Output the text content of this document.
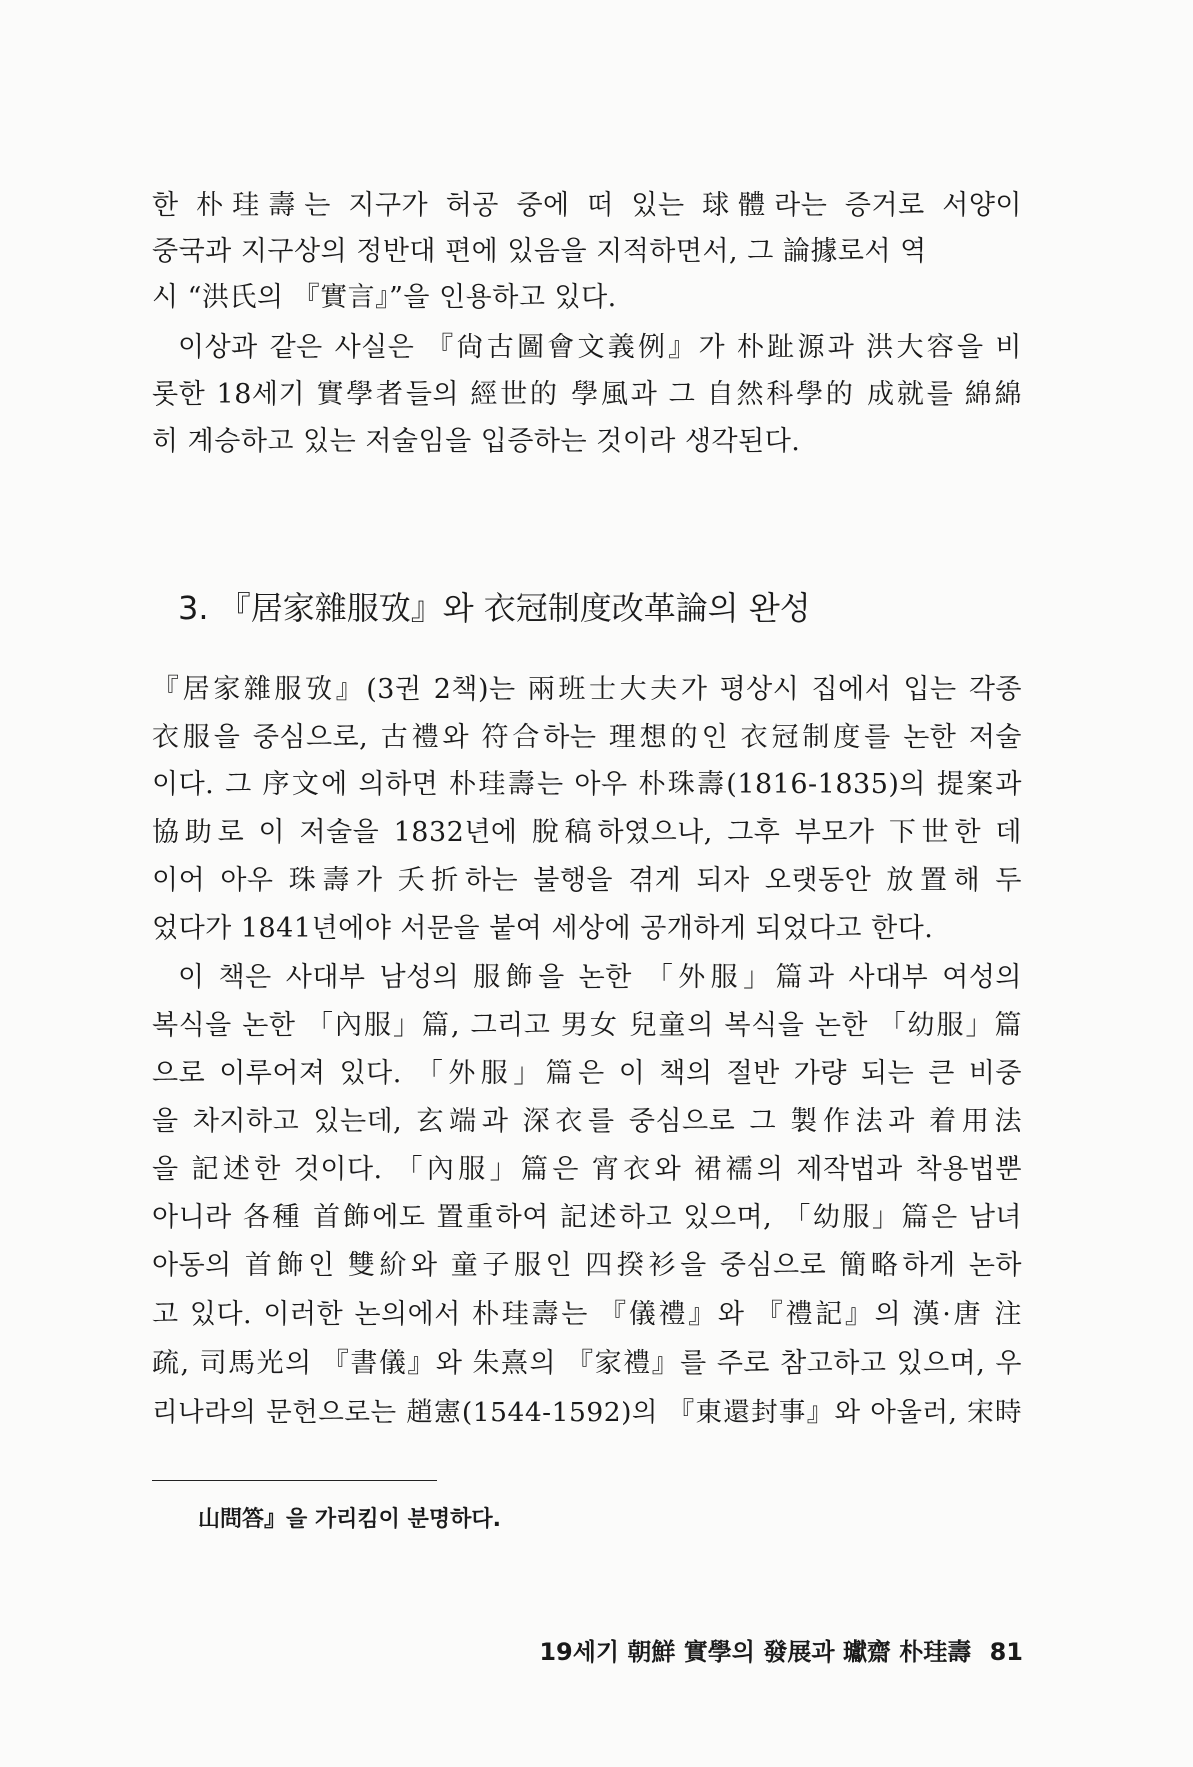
한 朴珪壽는 지구가 허공 중에 떠 있는 球體라는 증거로 서양이
중국과 지구상의 정반대 편에 있음을 지적하면서, 그 論據로서 역
시 “洪氏의 『實言』”을 인용하고 있다.
이상과 같은 사실은 『尙古圖會文義例』가 朴趾源과 洪大容을 비
롯한 18세기 實學者들의 經世的 學風과 그 自然科學的 成就를 綿綿
히 계승하고 있는 저술임을 입증하는 것이라 생각된다.
3. 『居家雜服攷』와 衣冠制度改革論의 완성
『居家雜服攷』(3권 2책)는 兩班士大夫가 평상시 집에서 입는 각종
衣服을 중심으로, 古禮와 符合하는 理想的인 衣冠制度를 논한 저술
이다. 그 序文에 의하면 朴珪壽는 아우 朴珠壽(1816-1835)의 提案과
協助로 이 저술을 1832년에 脫稿하였으나, 그후 부모가 下世한 데
이어 아우 珠壽가 夭折하는 불행을 겪게 되자 오랫동안 放置해 두
었다가 1841년에야 서문을 붙여 세상에 공개하게 되었다고 한다.
이 책은 사대부 남성의 服飾을 논한 「外服」篇과 사대부 여성의
복식을 논한 「內服」篇, 그리고 男女 兒童의 복식을 논한 「幼服」篇
으로 이루어져 있다. 「外服」篇은 이 책의 절반 가량 되는 큰 비중
을 차지하고 있는데, 玄端과 深衣를 중심으로 그 製作法과 着用法
을 記述한 것이다. 「內服」篇은 宵衣와 裙襦의 제작법과 착용법뿐
아니라 各種 首飾에도 置重하여 記述하고 있으며, 「幼服」篇은 남녀
아동의 首飾인 雙紒와 童子服인 四揆衫을 중심으로 簡略하게 논하
고 있다. 이러한 논의에서 朴珪壽는 『儀禮』와 『禮記』의 漢·唐 注
疏, 司馬光의 『書儀』와 朱熹의 『家禮』를 주로 참고하고 있으며, 우
리나라의 문헌으로는 趙憲(1544-1592)의 『東還封事』와 아울러, 宋時
山問答』을 가리킴이 분명하다.
19세기 朝鮮 實學의 發展과 瓛齋 朴珪壽 81
